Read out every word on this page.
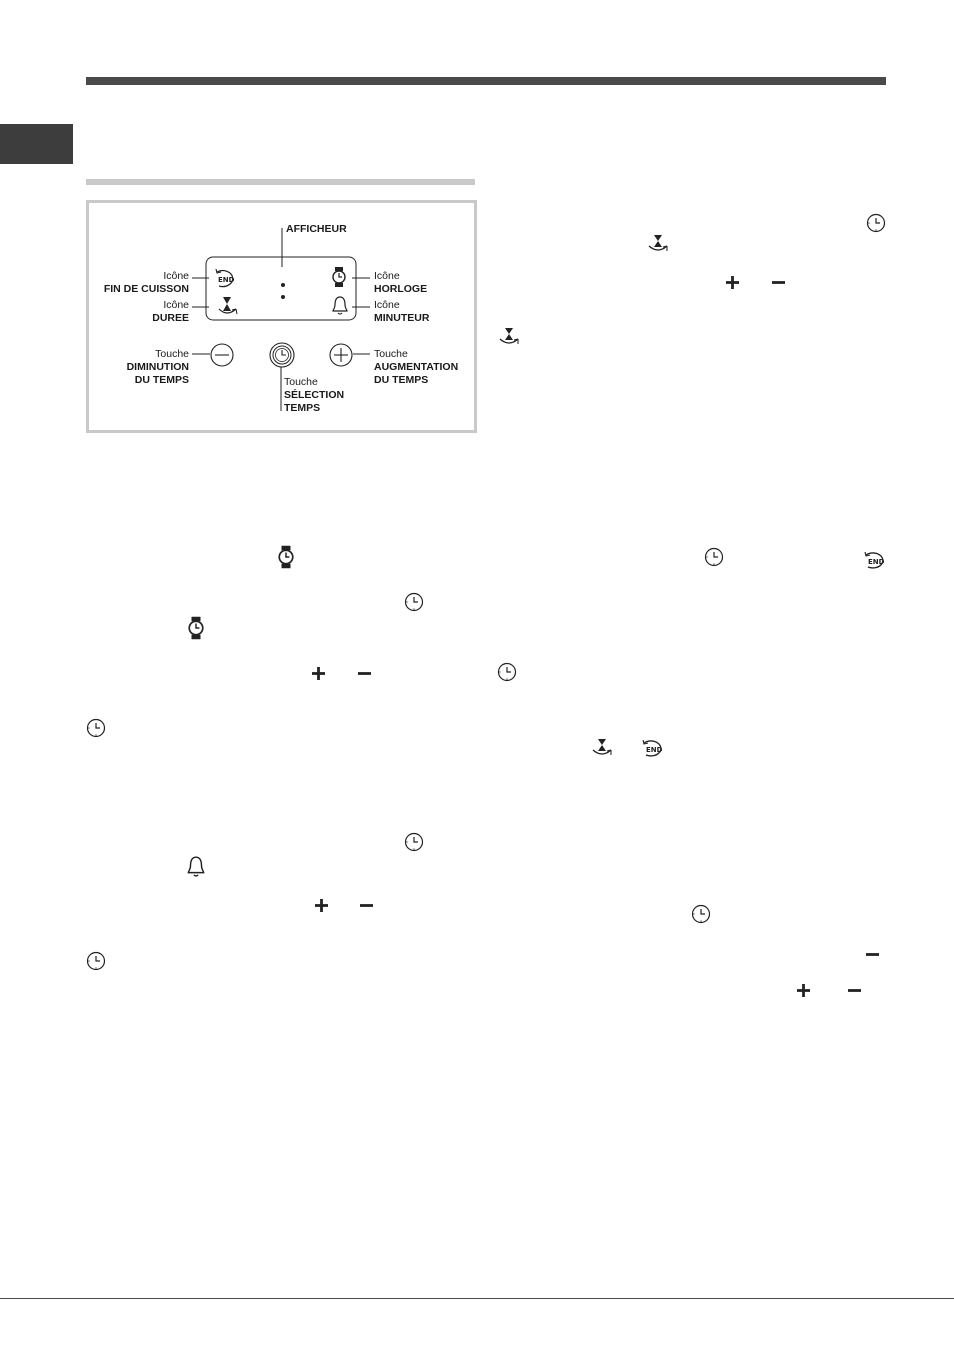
AFFICHEUR
Icône
FIN DE CUISSON
Icône
DUREE
Icône
HORLOGE
Icône
MINUTEUR
Touche
DIMINUTION
DU TEMPS
Touche
AUGMENTATION
DU TEMPS
Touche
SÉLECTION
TEMPS
END
